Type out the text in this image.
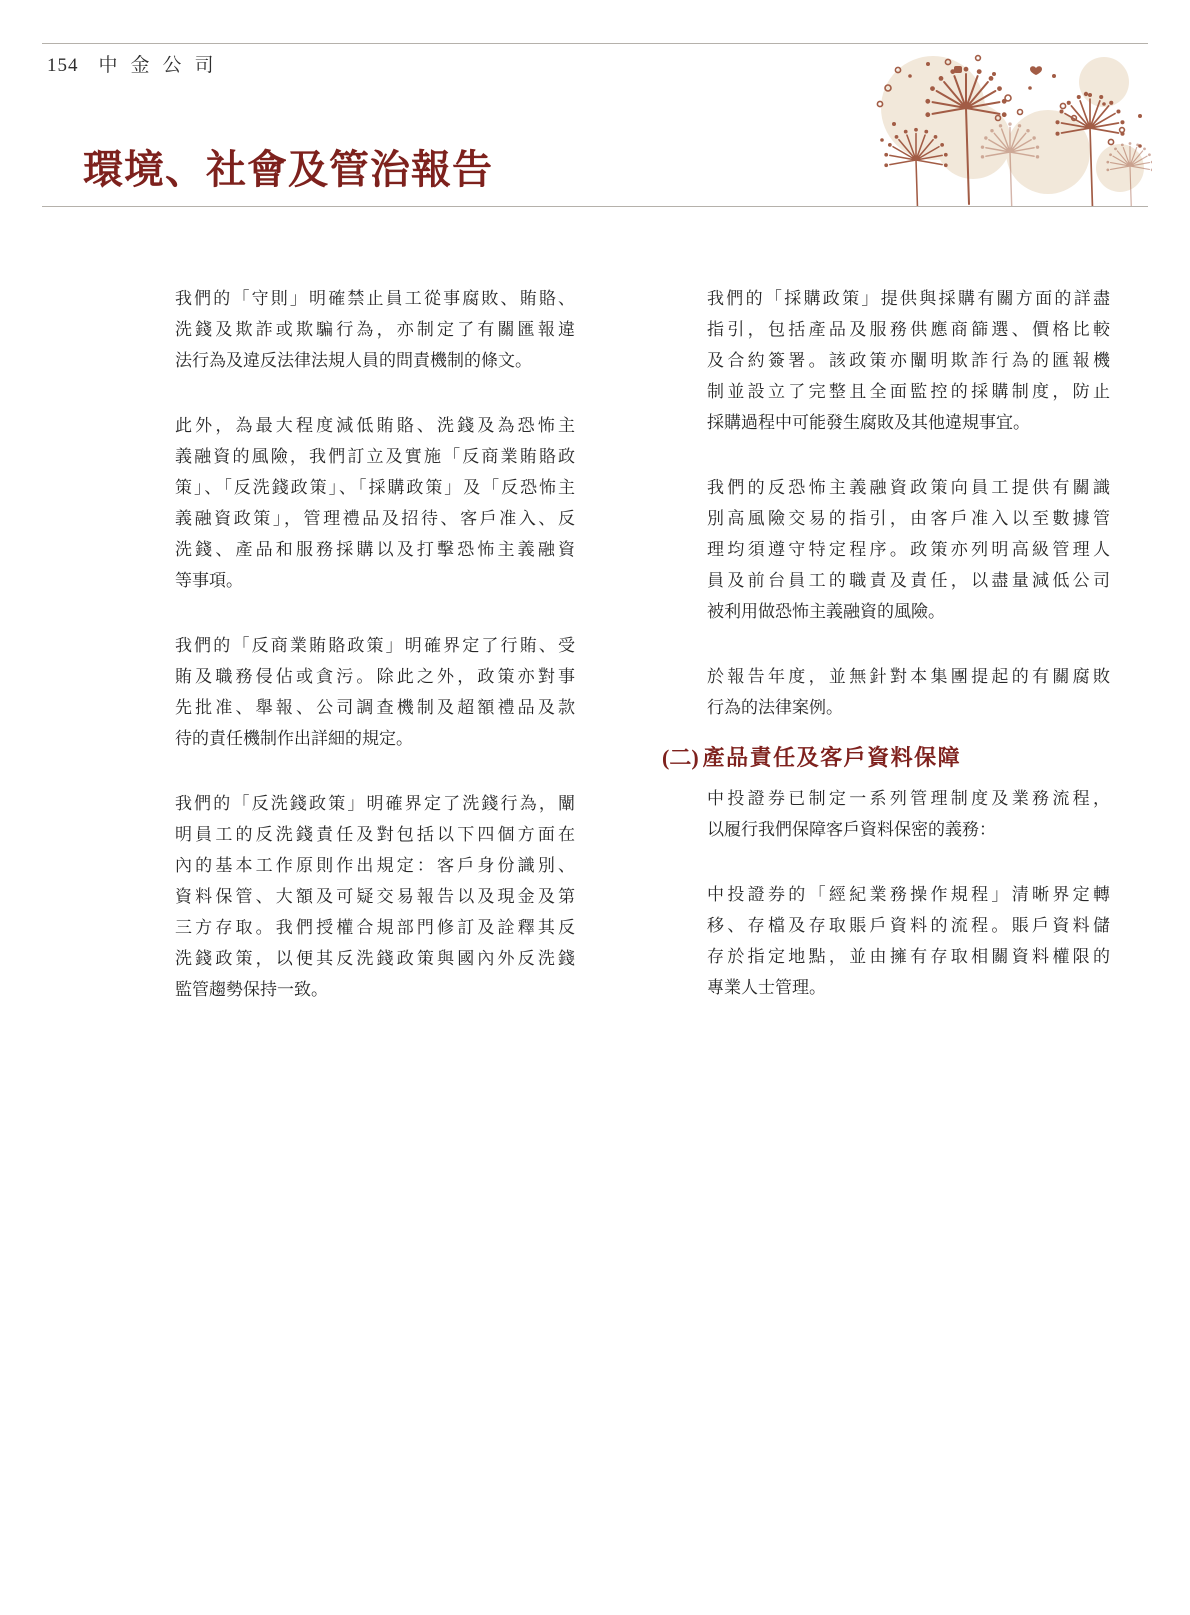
154 中金公司
環境、社會及管治報告
我們的「守則」明確禁止員工從事腐敗、賄賂、
洗錢及欺詐或欺騙行為，亦制定了有關匯報違
法行為及違反法律法規人員的問責機制的條文。
此外，為最大程度減低賄賂、洗錢及為恐怖主
義融資的風險，我們訂立及實施「反商業賄賂政
策」、「反洗錢政策」、「採購政策」及「反恐怖主
義融資政策」，管理禮品及招待、客戶准入、反
洗錢、產品和服務採購以及打擊恐怖主義融資
等事項。
我們的「反商業賄賂政策」明確界定了行賄、受
賄及職務侵佔或貪污。除此之外，政策亦對事
先批准、舉報、公司調查機制及超額禮品及款
待的責任機制作出詳細的規定。
我們的「反洗錢政策」明確界定了洗錢行為，闡
明員工的反洗錢責任及對包括以下四個方面在
內的基本工作原則作出規定：客戶身份識別、
資料保管、大額及可疑交易報告以及現金及第
三方存取。我們授權合規部門修訂及詮釋其反
洗錢政策，以便其反洗錢政策與國內外反洗錢
監管趨勢保持一致。
我們的「採購政策」提供與採購有關方面的詳盡
指引，包括產品及服務供應商篩選、價格比較
及合約簽署。該政策亦闡明欺詐行為的匯報機
制並設立了完整且全面監控的採購制度，防止
採購過程中可能發生腐敗及其他違規事宜。
我們的反恐怖主義融資政策向員工提供有關識
別高風險交易的指引，由客戶准入以至數據管
理均須遵守特定程序。政策亦列明高級管理人
員及前台員工的職責及責任，以盡量減低公司
被利用做恐怖主義融資的風險。
於報告年度，並無針對本集團提起的有關腐敗
行為的法律案例。
(二) 產品責任及客戶資料保障
中投證券已制定一系列管理制度及業務流程，
以履行我們保障客戶資料保密的義務：
中投證券的「經紀業務操作規程」清晰界定轉
移、存檔及存取賬戶資料的流程。賬戶資料儲
存於指定地點，並由擁有存取相關資料權限的
專業人士管理。
